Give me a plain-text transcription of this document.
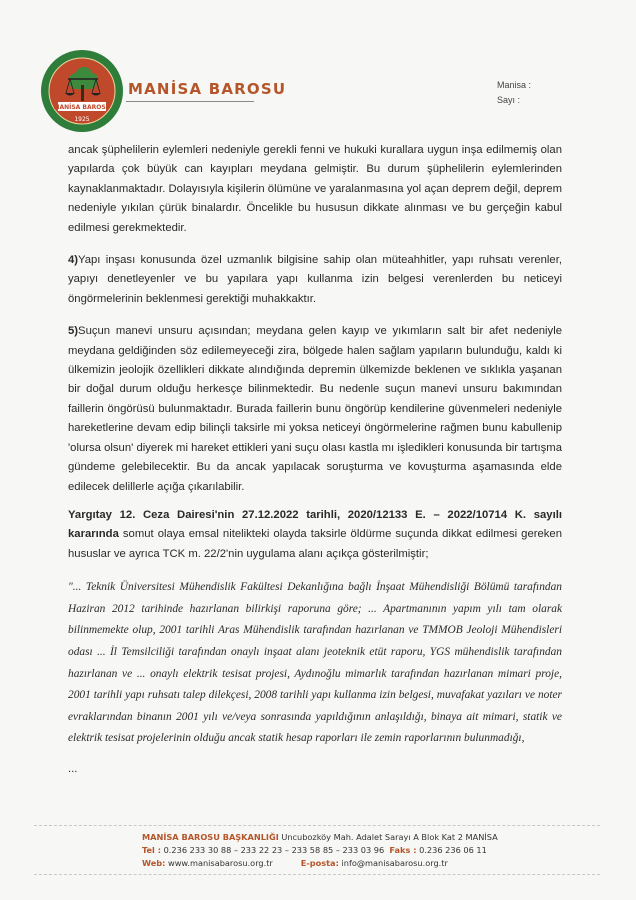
MANİSA BAROSU
1925
MANİSA BAROSU	Manisa :
Sayı :

ancak şüphelilerin eylemleri nedeniyle gerekli fenni ve hukuki kurallara uygun inşa edilmemiş olan yapılarda çok büyük can kayıpları meydana gelmiştir. Bu durum şüphelilerin eylemlerinden kaynaklanmaktadır. Dolayısıyla kişilerin ölümüne ve yaralanmasına yol açan deprem değil, deprem nedeniyle yıkılan çürük binalardır. Öncelikle bu hususun dikkate alınması ve bu gerçeğin kabul edilmesi gerekmektedir.

4)Yapı inşası konusunda özel uzmanlık bilgisine sahip olan müteahhitler, yapı ruhsatı verenler, yapıyı denetleyenler ve bu yapılara yapı kullanma izin belgesi verenlerden bu neticeyi öngörmelerinin beklenmesi gerektiği muhakkaktır.

5)Suçun manevi unsuru açısından; meydana gelen kayıp ve yıkımların salt bir afet nedeniyle meydana geldiğinden söz edilemeyeceği zira, bölgede halen sağlam yapıların bulunduğu, kaldı ki ülkemizin jeolojik özellikleri dikkate alındığında depremin ülkemizde beklenen ve sıklıkla yaşanan bir doğal durum olduğu herkesçe bilinmektedir. Bu nedenle suçun manevi unsuru bakımından faillerin öngörüsü bulunmaktadır. Burada faillerin bunu öngörüp kendilerine güvenmeleri nedeniyle hareketlerine devam edip bilinçli taksirle mi yoksa neticeyi öngörmelerine rağmen bunu kabullenip 'olursa olsun' diyerek mi hareket ettikleri yani suçu olası kastla mı işledikleri konusunda bir tartışma gündeme gelebilecektir. Bu da ancak yapılacak soruşturma ve kovuşturma aşamasında elde edilecek delillerle açığa çıkarılabilir.

Yargıtay 12. Ceza Dairesi'nin 27.12.2022 tarihli, 2020/12133 E. – 2022/10714 K. sayılı kararında somut olaya emsal nitelikteki olayda taksirle öldürme suçunda dikkat edilmesi gereken hususlar ve ayrıca TCK m. 22/2'nin uygulama alanı açıkça gösterilmiştir;

"... Teknik Üniversitesi Mühendislik Fakültesi Dekanlığına bağlı İnşaat Mühendisliği Bölümü tarafından Haziran 2012 tarihinde hazırlanan bilirkişi raporuna göre; ... Apartmanının yapım yılı tam olarak bilinmemekte olup, 2001 tarihli Aras Mühendislik tarafından hazırlanan ve TMMOB Jeoloji Mühendisleri odası ... İl Temsilciliği tarafından onaylı inşaat alanı jeoteknik etüt raporu, YGS mühendislik tarafından hazırlanan ve ... onaylı elektrik tesisat projesi, Aydınoğlu mimarlık tarafından hazırlanan mimari proje, 2001 tarihli yapı ruhsatı talep dilekçesi, 2008 tarihli yapı kullanma izin belgesi, muvafakat yazıları ve noter evraklarından binanın 2001 yılı ve/veya sonrasında yapıldığının anlaşıldığı, binaya ait mimari, statik ve elektrik tesisat projelerinin olduğu ancak statik hesap raporları ile zemin raporlarının bulunmadığı,

...

MANİSA BAROSU BAŞKANLIĞI Uncubozköy Mah. Adalet Sarayı A Blok Kat 2 MANİSA
Tel : 0.236 233 30 88 – 233 22 23 – 233 58 85 – 233 03 96 Faks : 0.236 236 06 11
Web: www.manisabarosu.org.tr	E-posta: info@manisabarosu.org.tr
